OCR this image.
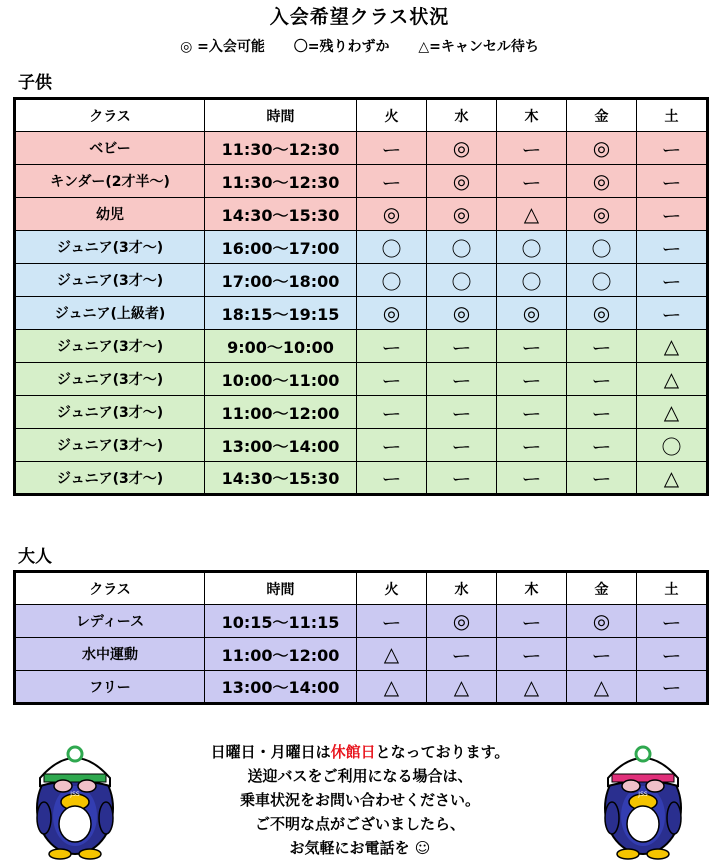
入会希望クラス状況
◎ =入会可能 〇=残りわずか △=キャンセル待ち
子供
クラス	時間	火	水	木	金	土
ベビー	11:30～12:30	ー	◎	ー	◎	ー
キンダー(2才半～)	11:30～12:30	ー	◎	ー	◎	ー
幼児	14:30～15:30	◎	◎	△	◎	ー
ジュニア(3才～)	16:00～17:00	〇	〇	〇	〇	ー
ジュニア(3才～)	17:00～18:00	〇	〇	〇	〇	ー
ジュニア(上級者)	18:15～19:15	◎	◎	◎	◎	ー
ジュニア(3才～)	9:00～10:00	ー	ー	ー	ー	△
ジュニア(3才～)	10:00～11:00	ー	ー	ー	ー	△
ジュニア(3才～)	11:00～12:00	ー	ー	ー	ー	△
ジュニア(3才～)	13:00～14:00	ー	ー	ー	ー	〇
ジュニア(3才～)	14:30～15:30	ー	ー	ー	ー	△
大人
クラス	時間	火	水	木	金	土
レディース	10:15～11:15	ー	◎	ー	◎	ー
水中運動	11:00～12:00	△	ー	ー	ー	ー
フリー	13:00～14:00	△	△	△	△	ー
JSS	JSS
日曜日・月曜日は休館日となっております。
送迎バスをご利用になる場合は、
乗車状況をお問い合わせください。
ご不明な点がございましたら、
お気軽にお電話を ☺
